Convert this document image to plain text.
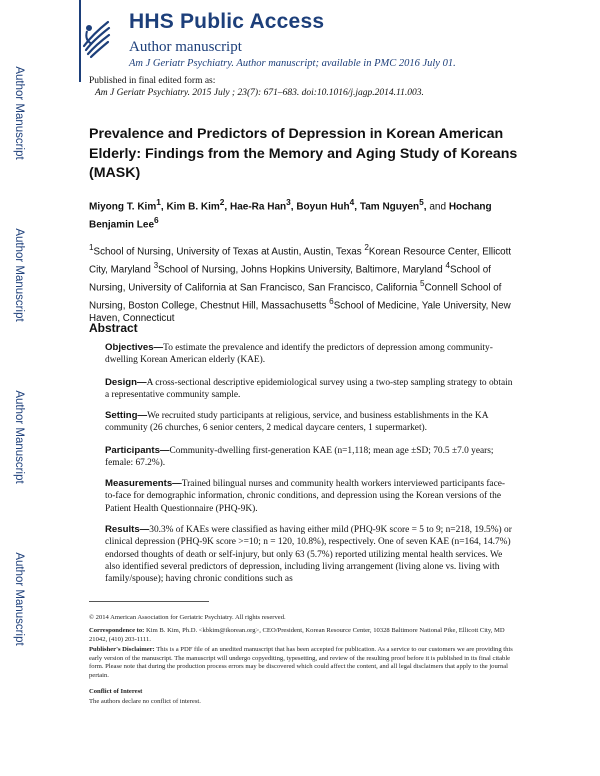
Author Manuscript
Author Manuscript
Author Manuscript
Author Manuscript
HHS Public Access
Author manuscript
Am J Geriatr Psychiatry. Author manuscript; available in PMC 2016 July 01.
Published in final edited form as:
Am J Geriatr Psychiatry. 2015 July ; 23(7): 671–683. doi:10.1016/j.jagp.2014.11.003.
Prevalence and Predictors of Depression in Korean American Elderly: Findings from the Memory and Aging Study of Koreans (MASK)
Miyong T. Kim$^1$, Kim B. Kim$^2$, Hae-Ra Han$^3$, Boyun Huh$^4$, Tam Nguyen$^5$, and Hochang Benjamin Lee$^6$
$^1$School of Nursing, University of Texas at Austin, Austin, Texas $^2$Korean Resource Center, Ellicott City, Maryland $^3$School of Nursing, Johns Hopkins University, Baltimore, Maryland $^4$School of Nursing, University of California at San Francisco, San Francisco, California $^5$Connell School of Nursing, Boston College, Chestnut Hill, Massachusetts $^6$School of Medicine, Yale University, New Haven, Connecticut
Abstract
Objectives—To estimate the prevalence and identify the predictors of depression among community-dwelling Korean American elderly (KAE).
Design—A cross-sectional descriptive epidemiological survey using a two-step sampling strategy to obtain a representative community sample.
Setting—We recruited study participants at religious, service, and business establishments in the KA community (26 churches, 6 senior centers, 2 medical daycare centers, 1 supermarket).
Participants—Community-dwelling first-generation KAE (n=1,118; mean age ±SD; 70.5 ±7.0 years; female: 67.2%).
Measurements—Trained bilingual nurses and community health workers interviewed participants face-to-face for demographic information, chronic conditions, and depression using the Korean versions of the Patient Health Questionnaire (PHQ-9K).
Results—30.3% of KAEs were classified as having either mild (PHQ-9K score = 5 to 9; n=218, 19.5%) or clinical depression (PHQ-9K score >=10; n = 120, 10.8%), respectively. One of seven KAE (n=164, 14.7%) endorsed thoughts of death or self-injury, but only 63 (5.7%) reported utilizing mental health services. We also identified several predictors of depression, including living arrangement (living alone vs. living with family/spouse); having chronic conditions such as
© 2014 American Association for Geriatric Psychiatry. All rights reserved.
Correspondence to: Kim B. Kim, Ph.D. <kbkim@ikorean.org>, CEO/President, Korean Resource Center, 10328 Baltimore National Pike, Ellicott City, MD 21042, (410) 203-1111.
Publisher's Disclaimer: This is a PDF file of an unedited manuscript that has been accepted for publication. As a service to our customers we are providing this early version of the manuscript. The manuscript will undergo copyediting, typesetting, and review of the resulting proof before it is published in its final citable form. Please note that during the production process errors may be discovered which could affect the content, and all legal disclaimers that apply to the journal pertain.
Conflict of Interest
The authors declare no conflict of interest.
